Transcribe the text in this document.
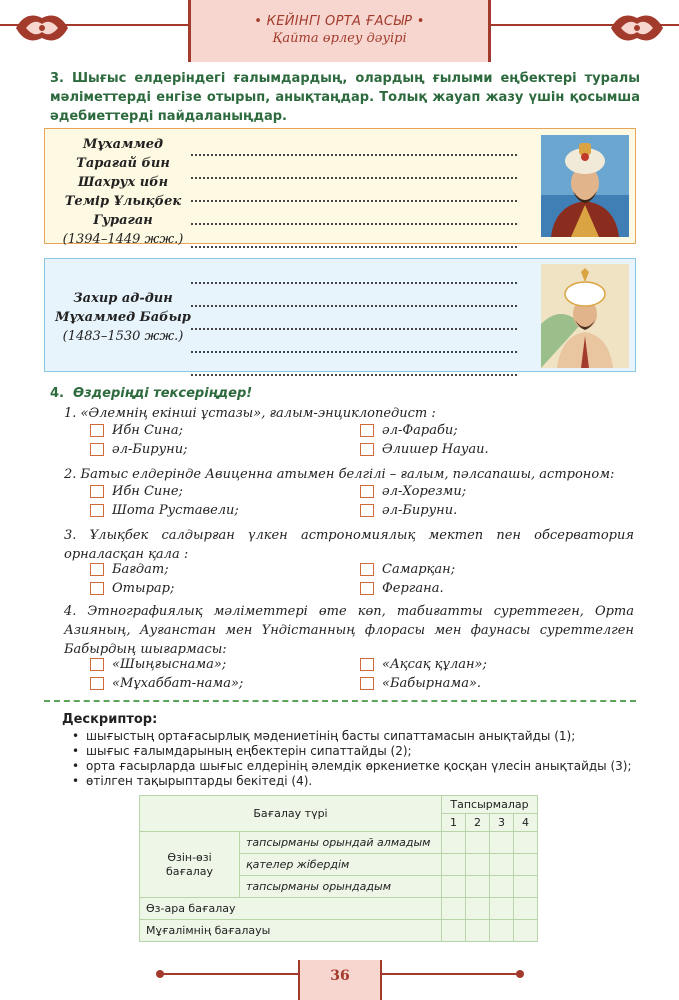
• КЕЙІНГІ ОРТА ҒАСЫР •
Қайта өрлеу дәуірі
3. Шығыс елдеріндегі ғалымдардың, олардың ғылыми еңбектері туралы мәліметтерді енгізе отырып, анықтаңдар. Толық жауап жазу үшін қосымша әдебиеттерді пайдаланыңдар.
Мұхаммед
Тарағай бин
Шахрух ибн
Темір Ұлықбек
Гураган
(1394–1449 жж.)
Захир ад-дин
Мұхаммед Бабыр
(1483–1530 жж.)
4. Өздеріңді тексеріңдер!
1. «Әлемнің екінші ұстазы», ғалым-энциклопедист :
Ибн Сина;	әл-Фараби;
әл-Бируни;	Әлишер Науаи.
2. Батыс елдерінде Авиценна атымен белгілі – ғалым, пәлсапашы, астроном:
Ибн Сине;	әл-Хорезми;
Шота Руставели;	әл-Бируни.
3. Ұлықбек салдырған үлкен астрономиялық мектеп пен обсерватория орналасқан қала :
Бағдат;	Самарқан;
Отырар;	Фергана.
4. Этнографиялық мәліметтері өте көп, табиғатты суреттеген, Орта Азияның, Ауғанстан мен Үндістанның флорасы мен фаунасы суреттелген Бабырдың шығармасы:
«Шыңғыснама»;	«Ақсақ құлан»;
«Мұхаббат-нама»;	«Бабырнама».
Дескриптор:
• шығыстың ортағасырлық мәдениетінің басты сипаттамасын анықтайды (1);
• шығыс ғалымдарының еңбектерін сипаттайды (2);
• орта ғасырларда шығыс елдерінің әлемдік өркениетке қосқан үлесін анықтайды (3);
• өтілген тақырыптарды бекітеді (4).
Бағалау түрі		Тапсырмалар			
		1	2	3	4
Өзін-өзі бағалау	тапсырманы орындай алмадым				
	қателер жібердім				
	тапсырманы орындадым				
Өз-ара бағалау					
Мұғалімнің бағалауы					
36
